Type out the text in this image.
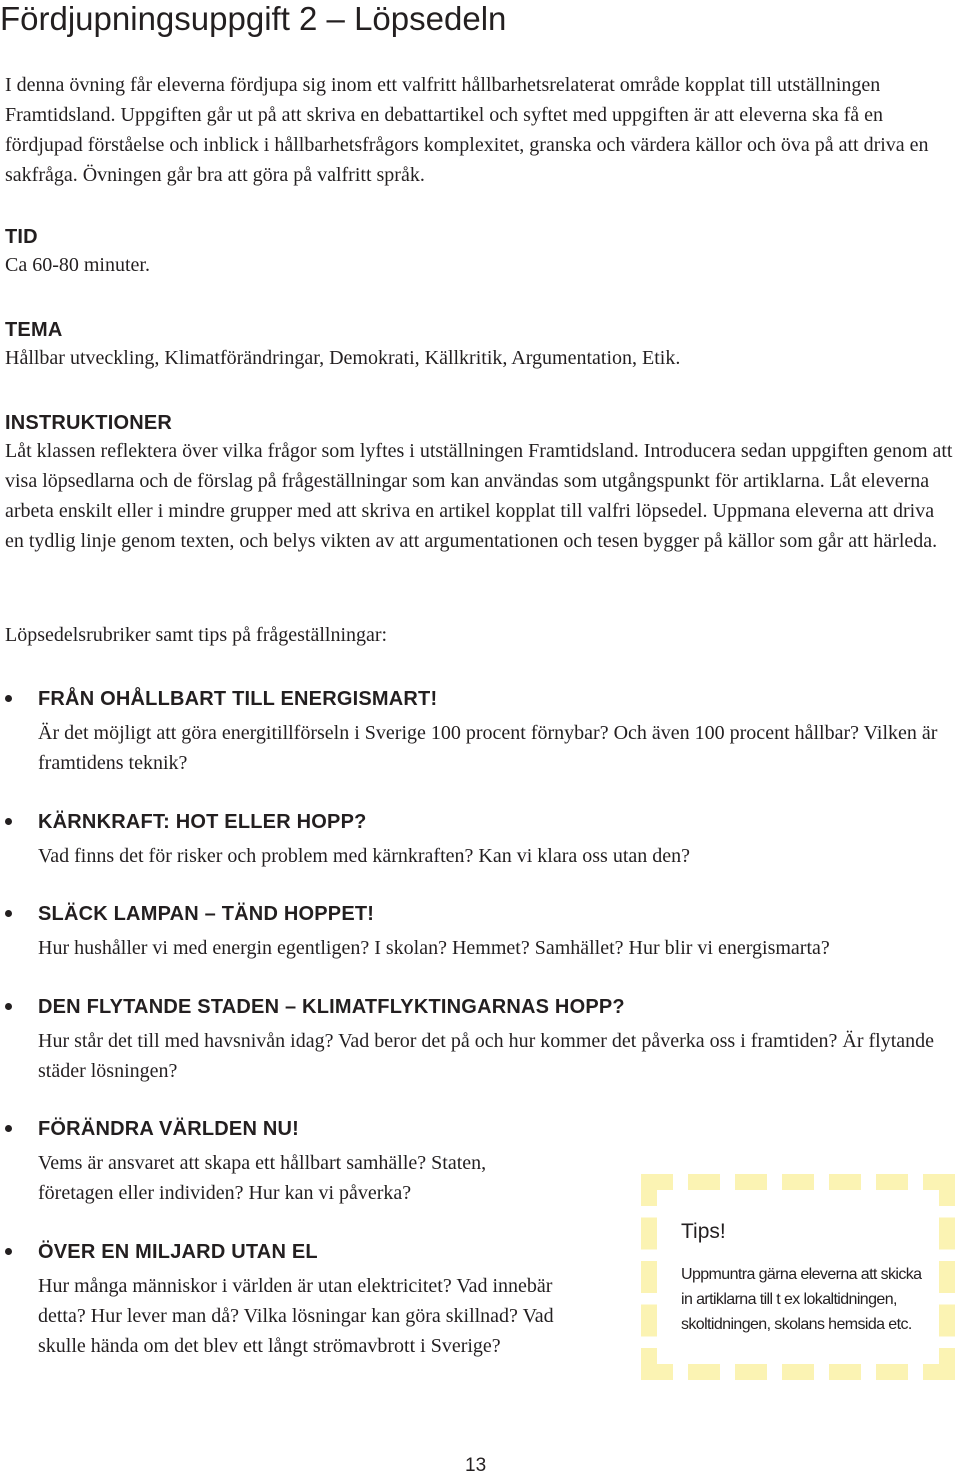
Fördjupningsuppgift 2 – Löpsedeln

I denna övning får eleverna fördjupa sig inom ett valfritt hållbarhetsrelaterat område kopplat till utställningen Framtidsland. Uppgiften går ut på att skriva en debattartikel och syftet med uppgiften är att eleverna ska få en fördjupad förståelse och inblick i hållbarhetsfrågors komplexitet, granska och värdera källor och öva på att driva en sakfråga. Övningen går bra att göra på valfritt språk.

TID

Ca 60-80 minuter.

TEMA

Hållbar utveckling, Klimatförändringar, Demokrati, Källkritik, Argumentation, Etik.

INSTRUKTIONER

Låt klassen reflektera över vilka frågor som lyftes i utställningen Framtidsland. Introducera sedan uppgiften genom att visa löpsedlarna och de förslag på frågeställningar som kan användas som utgångspunkt för artiklarna. Låt eleverna arbeta enskilt eller i mindre grupper med att skriva en artikel kopplat till valfri löpsedel. Uppmana eleverna att driva en tydlig linje genom texten, och belys vikten av att argumentationen och tesen bygger på källor som går att härleda.

Löpsedelsrubriker samt tips på frågeställningar:

FRÅN OHÅLLBART TILL ENERGISMART!

Är det möjligt att göra energitillförseln i Sverige 100 procent förnybar? Och även 100 procent hållbar? Vilken är framtidens teknik?

KÄRNKRAFT: HOT ELLER HOPP?

Vad finns det för risker och problem med kärnkraften? Kan vi klara oss utan den?

SLÄCK LAMPAN – TÄND HOPPET!

Hur hushåller vi med energin egentligen? I skolan? Hemmet? Samhället? Hur blir vi energismarta?

DEN FLYTANDE STADEN – KLIMATFLYKTINGARNAS HOPP?

Hur står det till med havsnivån idag? Vad beror det på och hur kommer det påverka oss i framtiden? Är flytande städer lösningen?

FÖRÄNDRA VÄRLDEN NU!

Vems är ansvaret att skapa ett hållbart samhälle? Staten, företagen eller individen? Hur kan vi påverka?

ÖVER EN MILJARD UTAN EL

Hur många människor i världen är utan elektricitet? Vad innebär detta? Hur lever man då? Vilka lösningar kan göra skillnad? Vad skulle hända om det blev ett långt strömavbrott i Sverige?

Tips!
Uppmuntra gärna eleverna att skicka in artiklarna till t ex lokaltidningen, skoltidningen, skolans hemsida etc.
13
